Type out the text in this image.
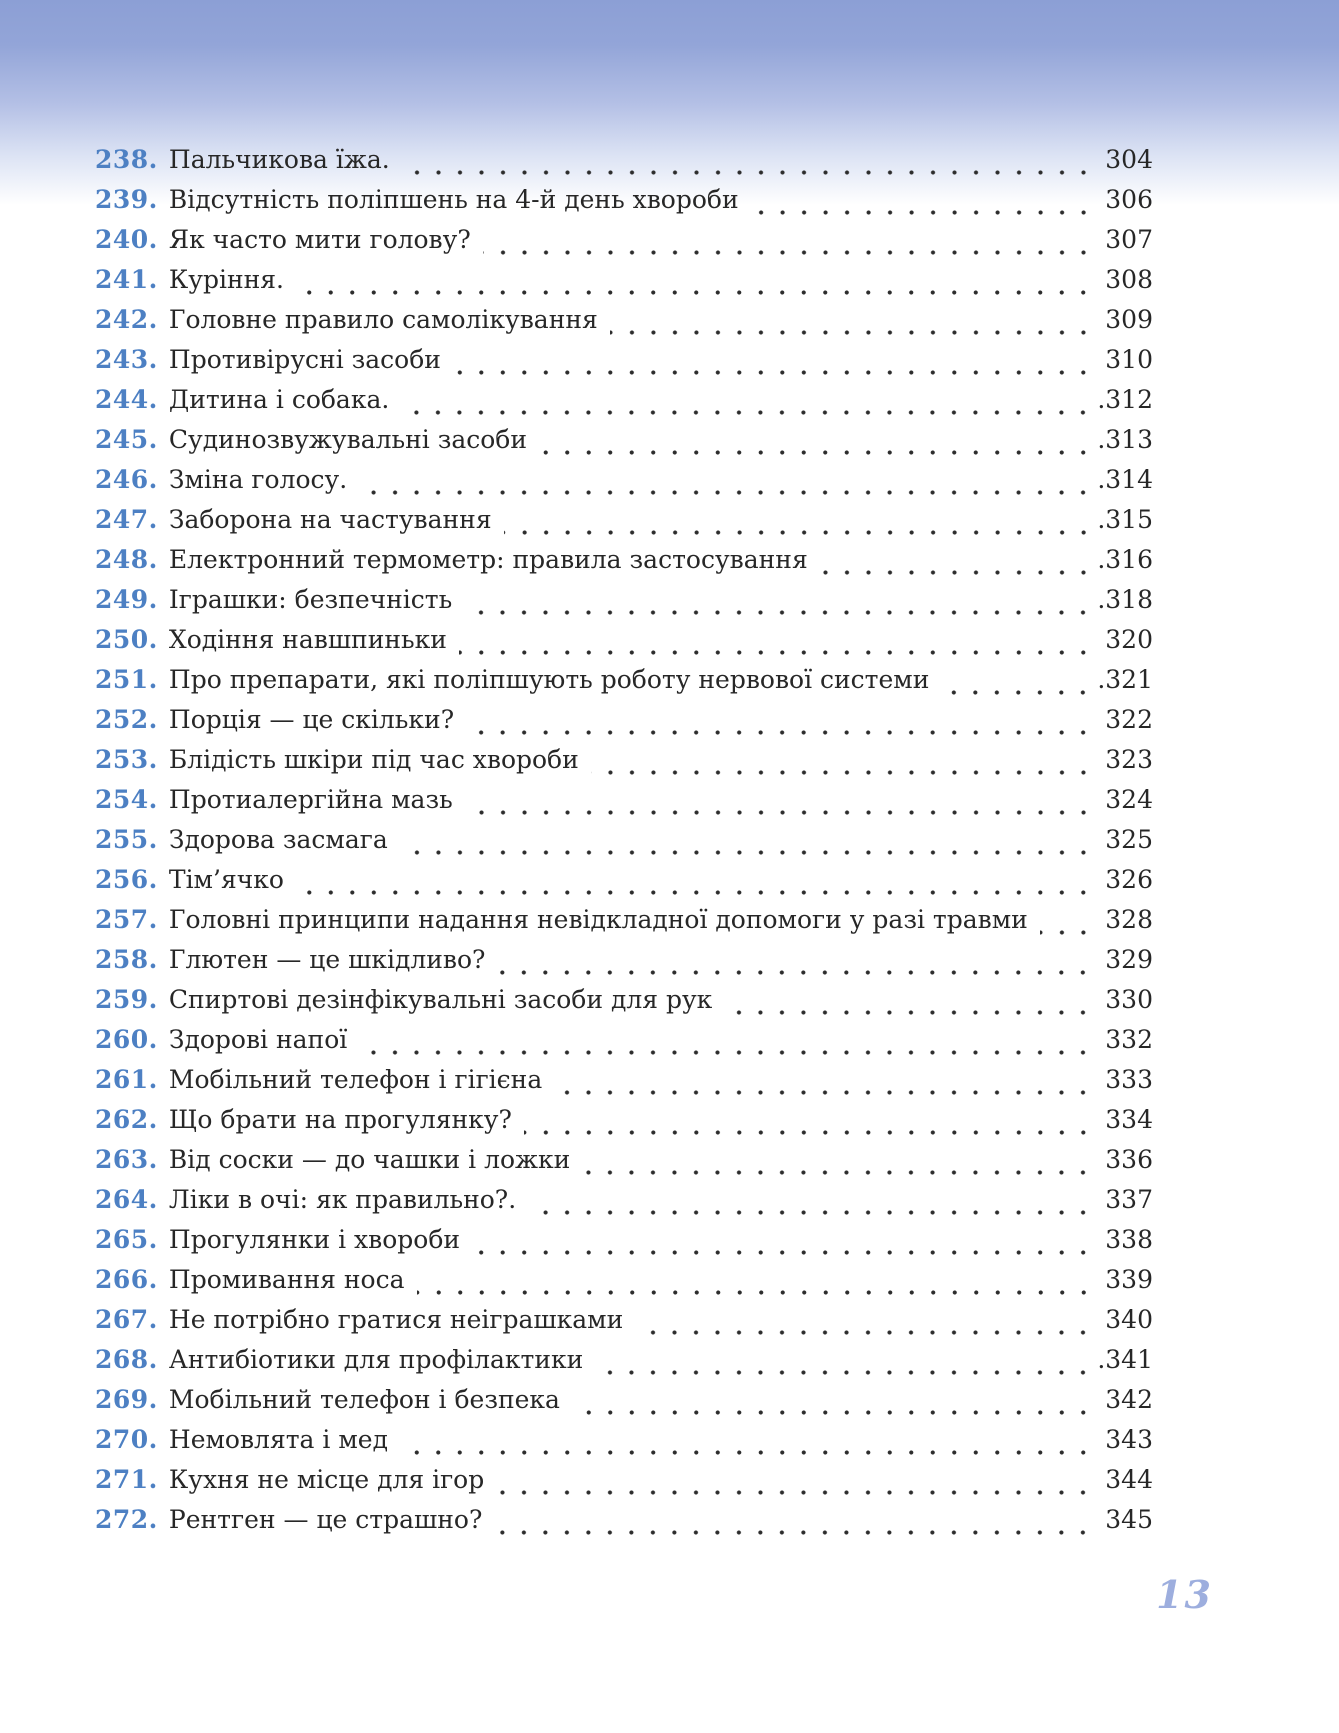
238. Пальчикова їжа.	304
239. Відсутність поліпшень на 4-й день хвороби	306
240. Як часто мити голову?	307
241. Куріння.	308
242. Головне правило самолікування	309
243. Противірусні засоби	310
244. Дитина і собака.	.312
245. Судинозвужувальні засоби	.313
246. Зміна голосу.	.314
247. Заборона на частування	.315
248. Електронний термометр: правила застосування	.316
249. Іграшки: безпечність	.318
250. Ходіння навшпиньки	320
251. Про препарати, які поліпшують роботу нервової системи	.321
252. Порція — це скільки?	322
253. Блідість шкіри під час хвороби	323
254. Протиалергійна мазь	324
255. Здорова засмага	325
256. Тім’ячко	326
257. Головні принципи надання невідкладної допомоги у разі травми	328
258. Глютен — це шкідливо?	329
259. Спиртові дезінфікувальні засоби для рук	330
260. Здорові напої	332
261. Мобільний телефон і гігієна	333
262. Що брати на прогулянку?	334
263. Від соски — до чашки і ложки	336
264. Ліки в очі: як правильно?.	337
265. Прогулянки і хвороби	338
266. Промивання носа	339
267. Не потрібно гратися неіграшками	340
268. Антибіотики для профілактики	.341
269. Мобільний телефон і безпека	342
270. Немовлята і мед	343
271. Кухня не місце для ігор	344
272. Рентген — це страшно?	345
13
